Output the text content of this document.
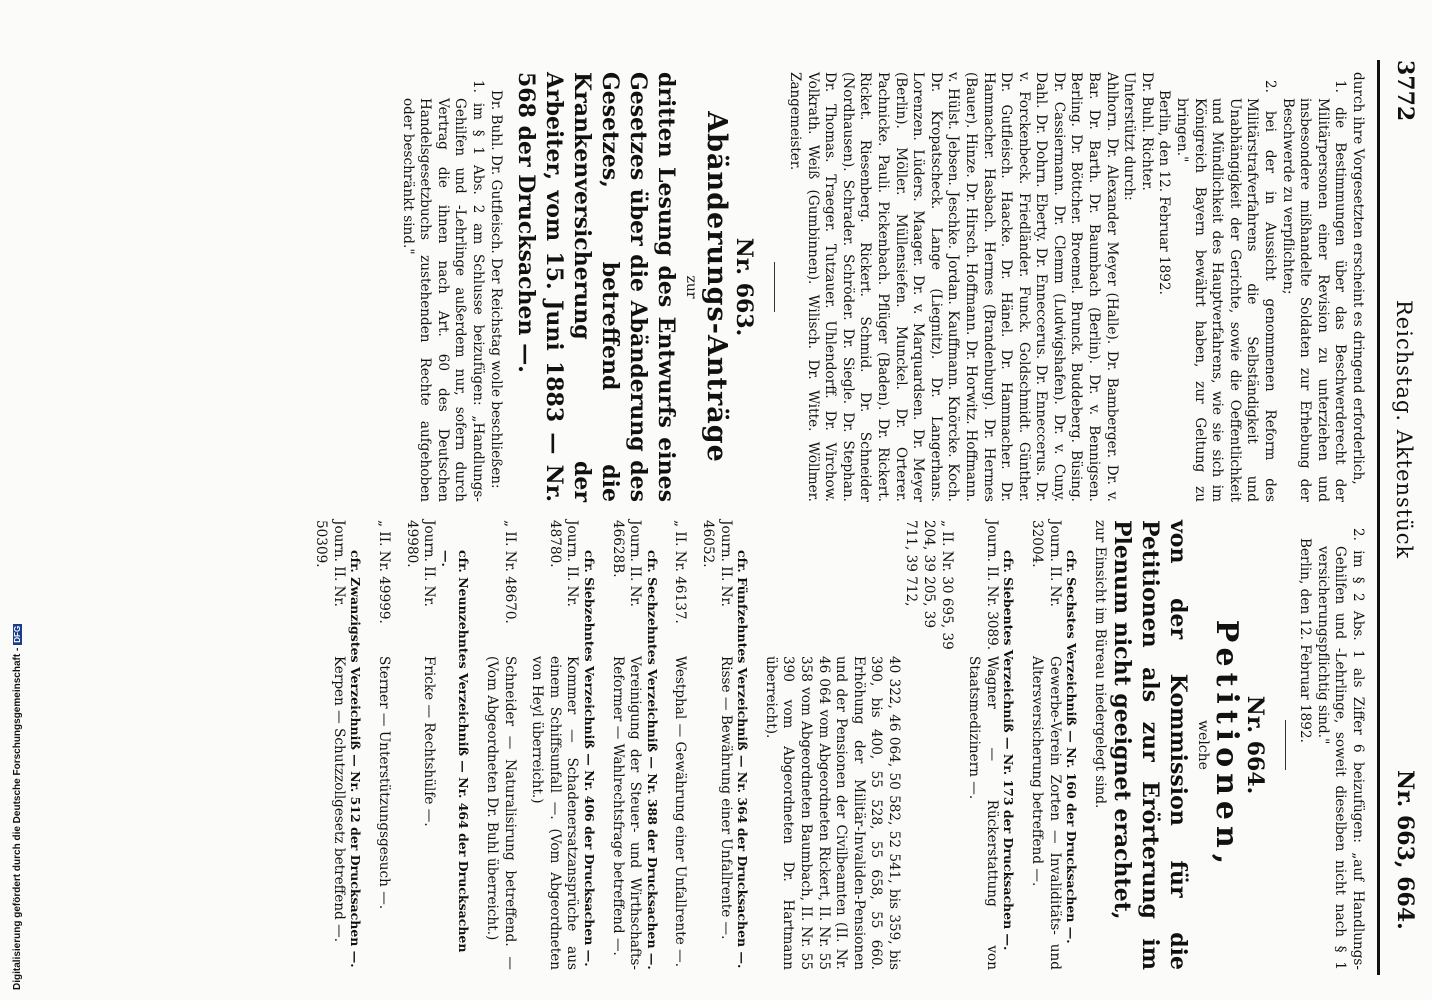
3772
Reichstag. Aktenstück
Nr. 663, 664.

durch ihre Vorgesetzten erscheint es dringend erforderlich,

1. die Bestimmungen über das Beschwerderecht der Militärpersonen einer Revision zu unterziehen und insbesondere mißhandelte Soldaten zur Erhebung der Beschwerde zu verpflichten;

2. bei der in Aussicht genommenen Reform des Militärstrafverfahrens die Selbständigkeit und Unabhängigkeit der Gerichte, sowie die Oeffentlichkeit und Mündlichkeit des Hauptverfahrens, wie sie sich im Königreich Bayern bewährt haben, zur Geltung zu bringen."

Berlin, den 12. Februar 1892.

Dr. Buhl. Richter.

Unterstützt durch:

Ahlhorn. Dr. Alexander Meyer (Halle). Dr. Bamberger. Dr. v. Bar. Dr. Barth. Dr. Baumbach (Berlin). Dr. v. Bennigsen. Berling. Dr. Böttcher. Broemel. Brunck. Buddeberg. Büsing. Dr. Cassiermann. Dr. Clemm (Ludwigshafen). Dr. v. Cuny. Dahl. Dr. Dohrn. Eberty. Dr. Enneccerus. Dr. Enneccerus. Dr. v. Forckenbeck. Friedländer. Funck. Goldschmidt. Günther. Dr. Gutfleisch. Haacke. Dr. Hänel. Dr. Hammacher. Dr. Hammacher. Hasbach. Hermes (Brandenburg). Dr. Hermes (Bauer). Hinze. Dr. Hirsch. Hoffmann. Dr. Horwitz. Hoffmann. v. Hülst. Jebsen. Jeschke. Jordan. Kauffmann. Knörcke. Koch. Dr. Kropatscheck. Lange (Liegnitz). Dr. Langerhans. Lorenzen. Lüders. Maager. Dr. v. Marquardsen. Dr. Meyer (Berlin). Möller. Müllensiefen. Munckel. Dr. Orterer. Pachnicke. Pauli. Pickenbach. Pflüger (Baden). Dr. Rickert. Ricket. Riesenberg. Rickert. Schmid. Dr. Schneider (Nordhausen). Schrader. Schröder. Dr. Siegle. Dr. Stephan. Dr. Thomas. Traeger. Tutzauer. Uhlendorff. Dr. Virchow. Volkrath. Weiß (Gumbinnen). Wilisch. Dr. Witte. Wöllmer. Zangemeister.

Nr. 663.
Abänderungs-Anträge
zur

dritten Lesung des Entwurfs eines Gesetzes über die Abänderung des Gesetzes, betreffend die Krankenversicherung der Arbeiter, vom 15. Juni 1883 — Nr. 568 der Drucksachen —.

Dr. Buhl. Dr. Gutfleisch. Der Reichstag wolle beschließen:

1. im § 1 Abs. 2 am Schlusse beizufügen: „Handlungs-Gehilfen und -Lehrlinge außerdem nur, sofern durch Vertrag die ihnen nach Art. 60 des Deutschen Handelsgesetzbuchs zustehenden Rechte aufgehoben oder beschränkt sind."

2. im § 2 Abs. 1 als Ziffer 6 beizufügen: „auf Handlungs-Gehilfen und -Lehrlinge, soweit dieselben nicht nach § 1 versicherungspflichtig sind."

Berlin, den 12. Februar 1892.

Nr. 664.
Petitionen,
welche

von der Kommission für die Petitionen als zur Erörterung im Plenum nicht geeignet erachtet,

zur Einsicht im Büreau niedergelegt sind.

cfr. Sechstes Verzeichniß — Nr. 160 der Drucksachen —.
Journ. II. Nr. 32004.
Gewerbe-Verein Zorten — Invaliditäts- und Altersversicherung betreffend —.
cfr. Siebentes Verzeichniß — Nr. 173 der Drucksachen —.
Journ. II. Nr. 3089.
Wagner — Rückerstattung von Staatsmedizinern —.
„ II. Nr. 30 695, 39 204, 39 205, 39 711, 39 712,
40 322, 46 064, 50 582, 52 541, bis 359, bis 390, bis 400, 55 528, 55 658, 55 660. Erhöhung der Militär-Invaliden-Pensionen und der Pensionen der Civilbeamten (II. Nr. 46 064 vom Abgeordneten Rickert, II. Nr. 55 358 vom Abgeordneten Baumbach, II. Nr. 55 390 vom Abgeordneten Dr. Hartmann überreicht).
cfr. Fünfzehntes Verzeichniß — Nr. 364 der Drucksachen —.
Journ. II. Nr. 46052.
Risse — Bewährung einer Unfallrente —.
„ II. Nr. 46137.
Westphal — Gewährung einer Unfallrente —.
cfr. Sechzehntes Verzeichniß — Nr. 388 der Drucksachen —.
Journ. II. Nr. 46628B.
Vereinigung der Steuer- und Wirthschafts-Reformer — Wahlrechtsfrage betreffend —.
cfr. Siebzehntes Verzeichniß — Nr. 406 der Drucksachen —.
Journ. II. Nr. 48780.
Kommer — Schadenersatzansprüche aus einem Schiffsunfall —. (Vom Abgeordneten von Heyl überreicht.)
„ II. Nr. 48670.
Schneider — Naturalisirung betreffend. — (Vom Abgeordneten Dr. Buhl überreicht.)
cfr. Neunzehntes Verzeichniß — Nr. 464 der Drucksachen —.
Journ. II. Nr. 49980.
Fricke — Rechtshülfe —.
„ II. Nr. 49999.
Sterner — Unterstützungsgesuch —.
cfr. Zwanzigstes Verzeichniß — Nr. 512 der Drucksachen —.
Journ. II. Nr. 50309.
Kerpen — Schutzzollgesetz betreffend —.
Digitalisierung gefördert durch die Deutsche Forschungsgemeinschaft -DFG
